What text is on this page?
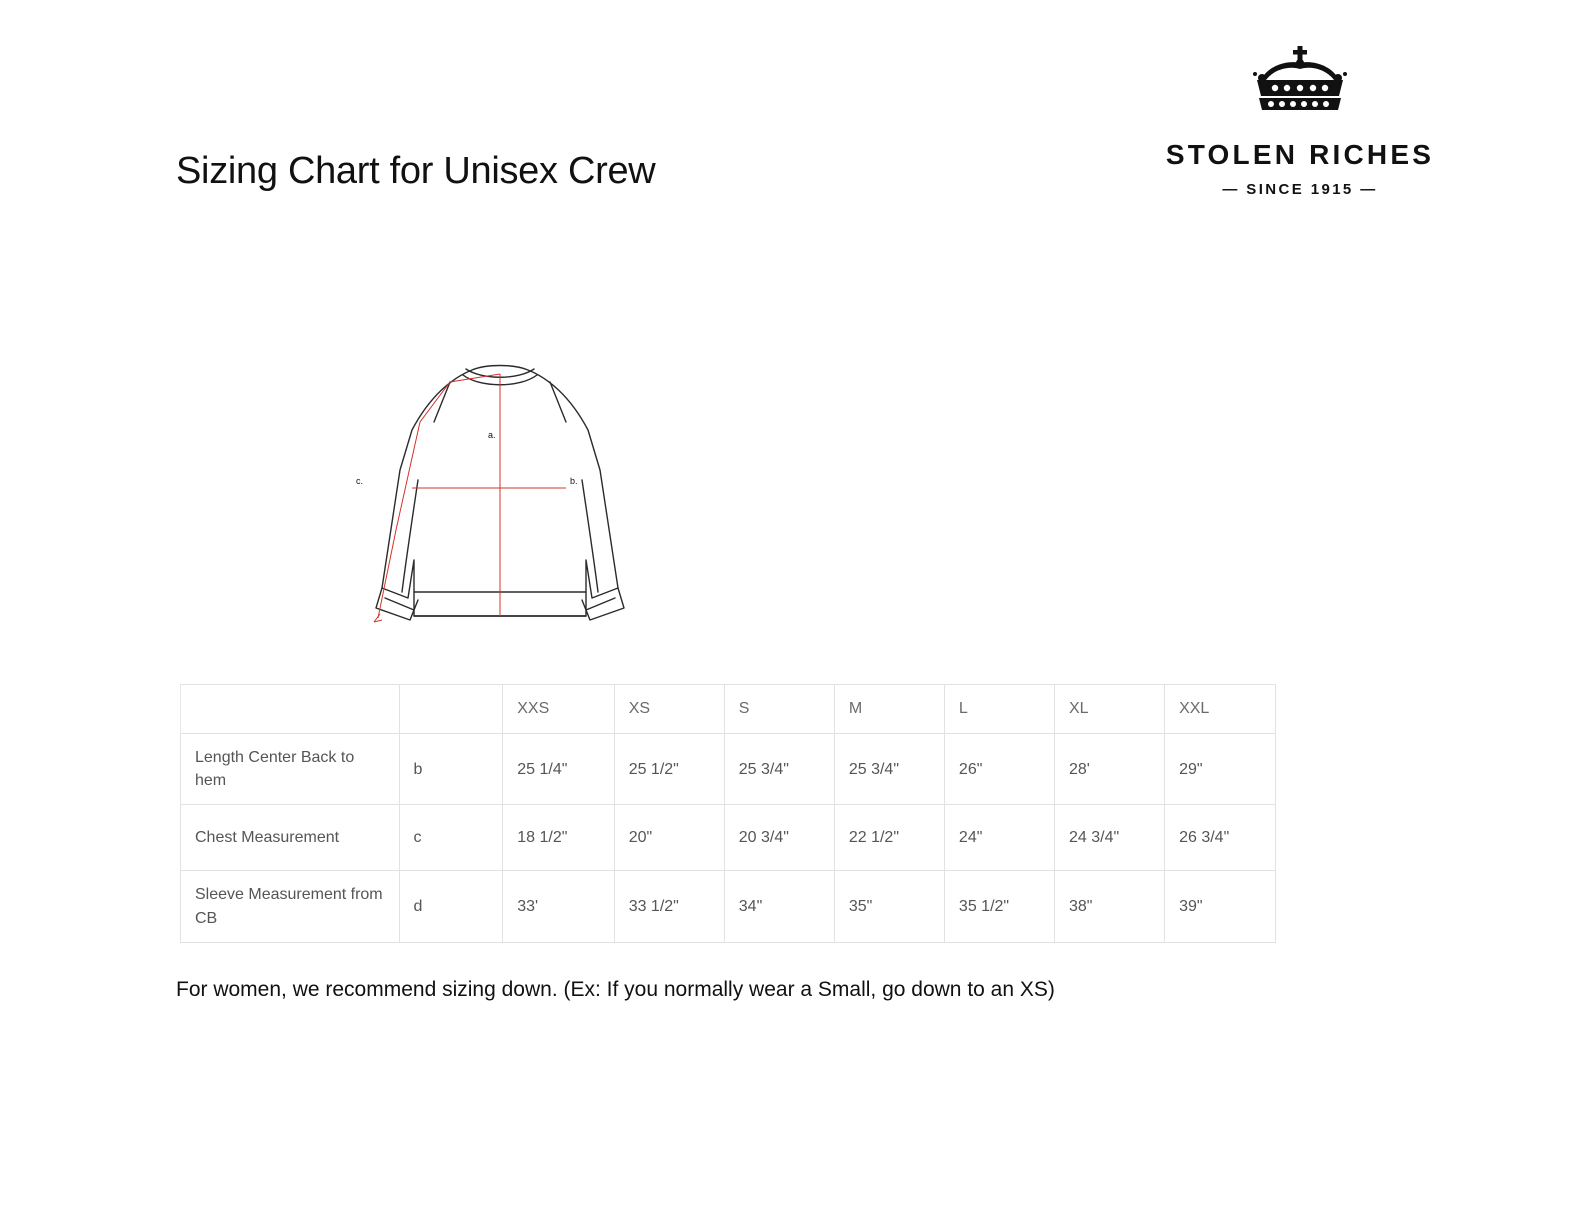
Sizing Chart for Unisex Crew	STOLEN RICHES
— SINCE 1915 —
a.
b.
c.
		XXS	XS	S	M	L	XL	XXL
Length Center Back to hem	b	25 1/4"	25 1/2"	25 3/4"	25 3/4"	26"	28'	29"
Chest Measurement	c	18 1/2"	20"	20 3/4"	22 1/2"	24"	24 3/4"	26 3/4"
Sleeve Measurement from CB	d	33'	33 1/2"	34"	35"	35 1/2"	38"	39"
For women, we recommend sizing down. (Ex: If you normally wear a Small, go down to an XS)
